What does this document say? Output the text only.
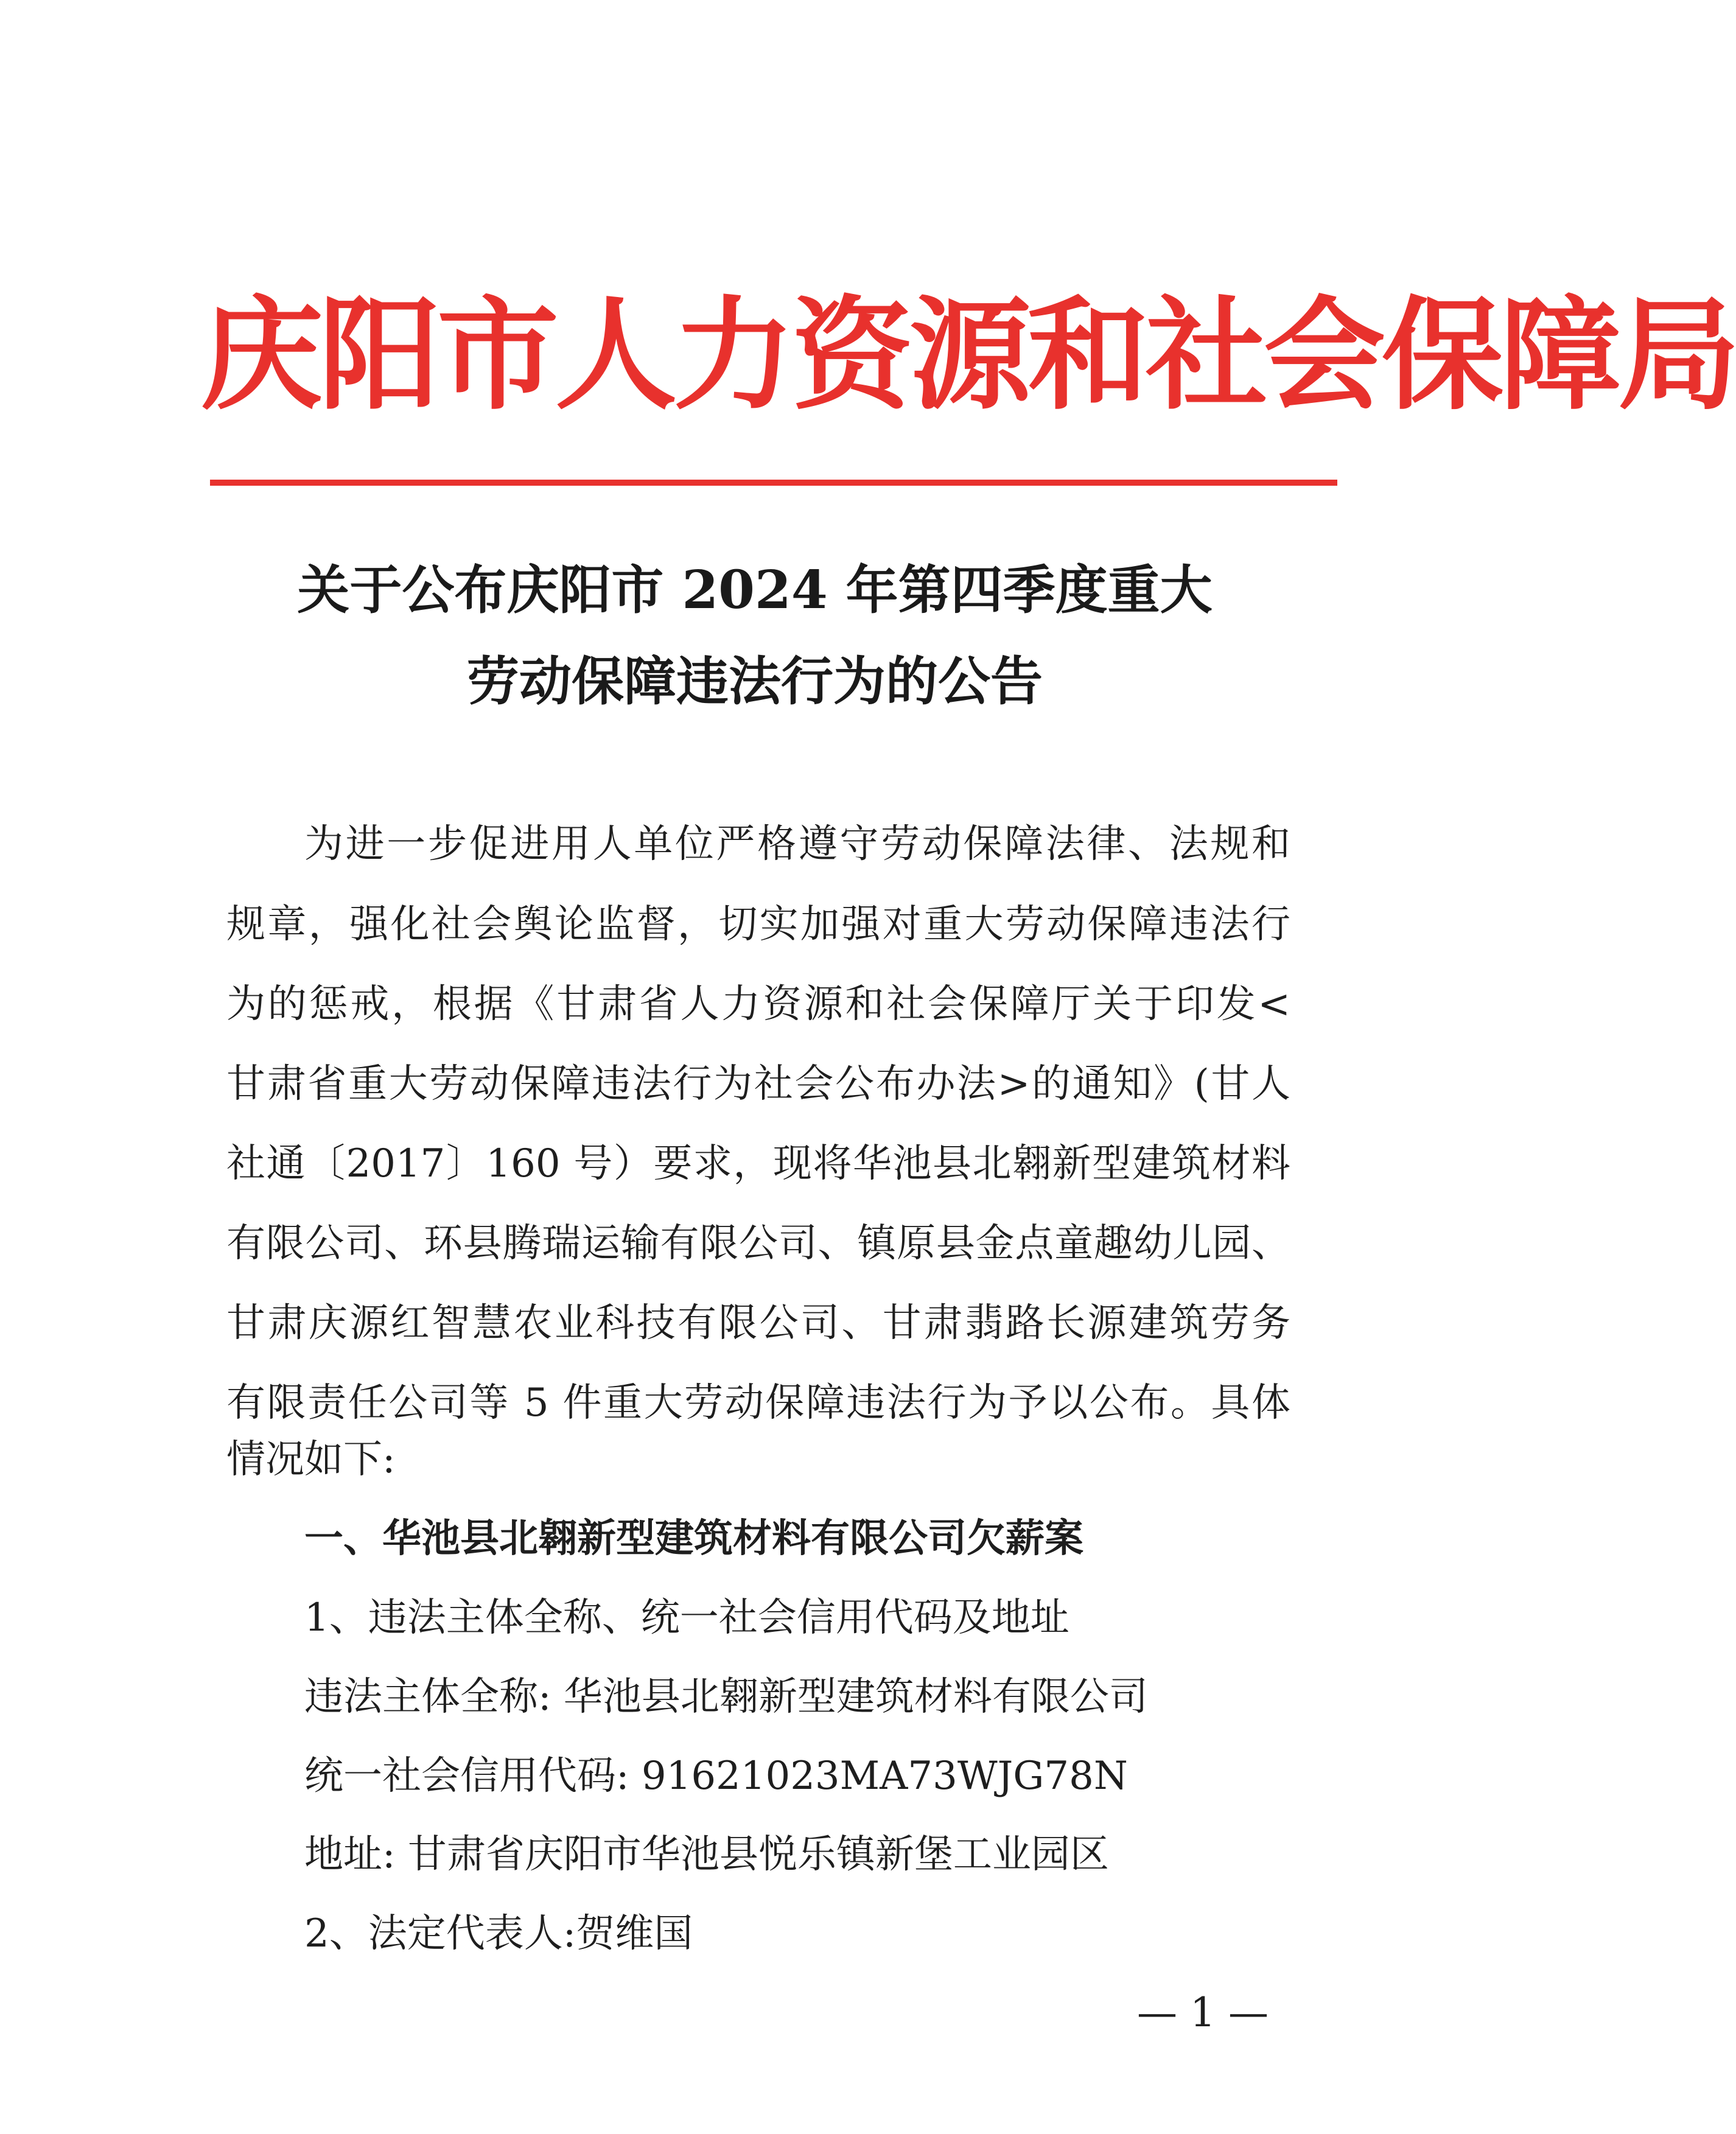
庆阳市人力资源和社会保障局
关于公布庆阳市 2024 年第四季度重大
劳动保障违法行为的公告
为进一步促进用人单位严格遵守劳动保障法律、法规和
规章，强化社会舆论监督，切实加强对重大劳动保障违法行
为的惩戒，根据《甘肃省人力资源和社会保障厅关于印发<
甘肃省重大劳动保障违法行为社会公布办法>的通知》(甘人
社通〔2017〕160 号）要求，现将华池县北翱新型建筑材料
有限公司、环县腾瑞运输有限公司、镇原县金点童趣幼儿园、
甘肃庆源红智慧农业科技有限公司、甘肃翡路长源建筑劳务
有限责任公司等 5 件重大劳动保障违法行为予以公布。具体
情况如下:
一、华池县北翱新型建筑材料有限公司欠薪案
1、违法主体全称、统一社会信用代码及地址
违法主体全称: 华池县北翱新型建筑材料有限公司
统一社会信用代码: 91621023MA73WJG78N
地址: 甘肃省庆阳市华池县悦乐镇新堡工业园区
2、法定代表人:贺维国
— 1 —
